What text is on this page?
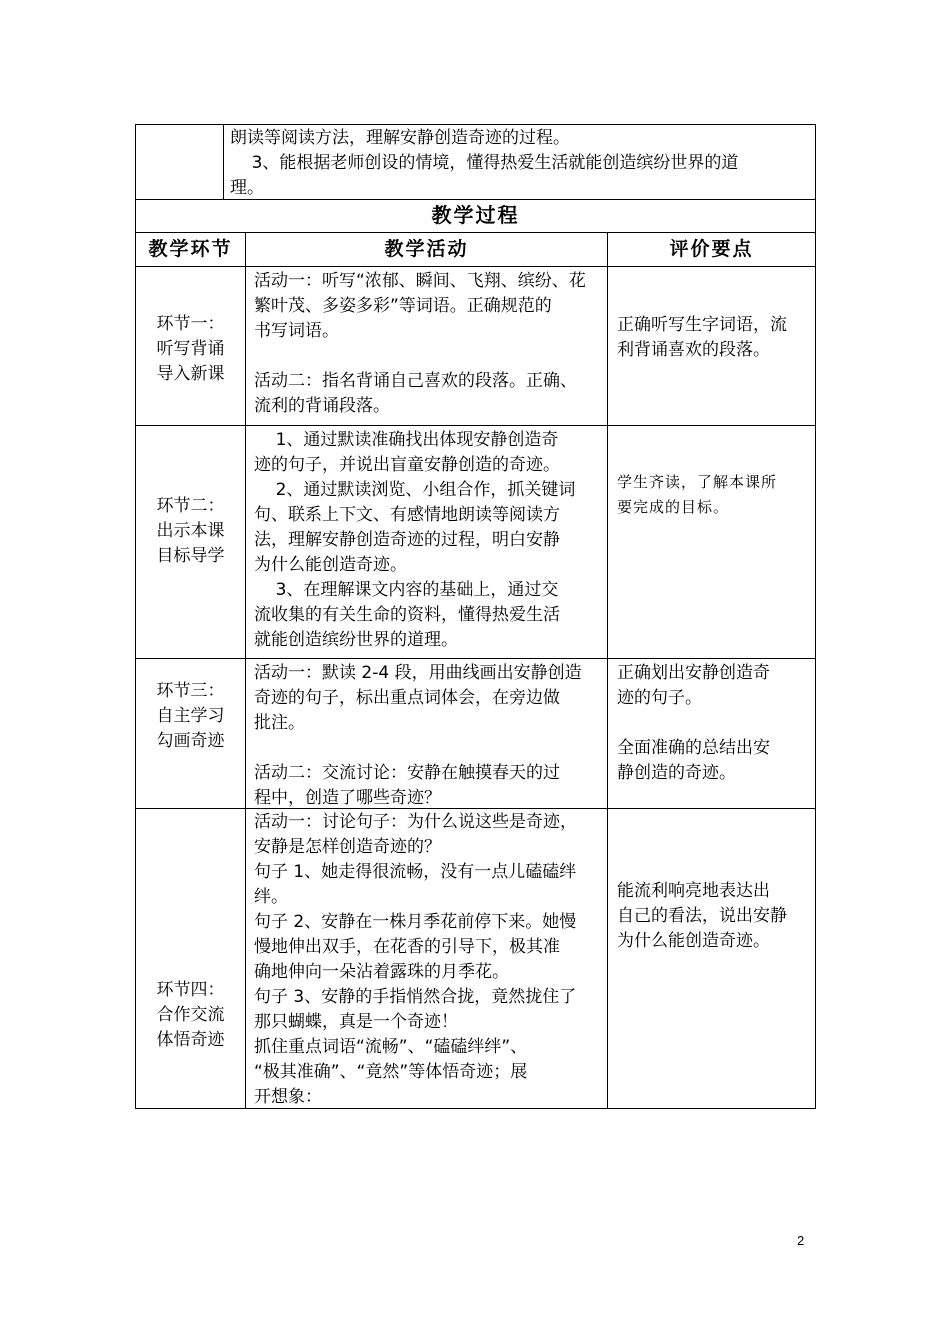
朗读等阅读方法，理解安静创造奇迹的过程。
3、能根据老师创设的情境，懂得热爱生活就能创造缤纷世界的道
理。
教学过程
教学环节	教学活动	评价要点
环节一：
听写背诵
导入新课
活动一：听写“浓郁、瞬间、飞翔、缤纷、花
繁叶茂、多姿多彩”等词语。正确规范的
书写词语。
活动二：指名背诵自己喜欢的段落。正确、
流利的背诵段落。
正确听写生字词语，流
利背诵喜欢的段落。
环节二：
出示本课
目标导学
1、通过默读准确找出体现安静创造奇
迹的句子，并说出盲童安静创造的奇迹。
2、通过默读浏览、小组合作，抓关键词
句、联系上下文、有感情地朗读等阅读方
法，理解安静创造奇迹的过程，明白安静
为什么能创造奇迹。
3、在理解课文内容的基础上，通过交
流收集的有关生命的资料，懂得热爱生活
就能创造缤纷世界的道理。
学生齐读，了解本课所
要完成的目标。
环节三：
自主学习
勾画奇迹
活动一：默读 2-4 段，用曲线画出安静创造
奇迹的句子，标出重点词体会，在旁边做
批注。
活动二：交流讨论：安静在触摸春天的过
程中，创造了哪些奇迹？
正确划出安静创造奇
迹的句子。
全面准确的总结出安
静创造的奇迹。
环节四：
合作交流
体悟奇迹
活动一：讨论句子：为什么说这些是奇迹，
安静是怎样创造奇迹的？
句子 1、她走得很流畅，没有一点儿磕磕绊
绊。
句子 2、安静在一株月季花前停下来。她慢
慢地伸出双手，在花香的引导下，极其准
确地伸向一朵沾着露珠的月季花。
句子 3、安静的手指悄然合拢，竟然拢住了
那只蝴蝶，真是一个奇迹！
抓住重点词语“流畅”、“磕磕绊绊”、
“极其准确”、“竟然”等体悟奇迹；展
开想象：
能流利响亮地表达出
自己的看法，说出安静
为什么能创造奇迹。
2
